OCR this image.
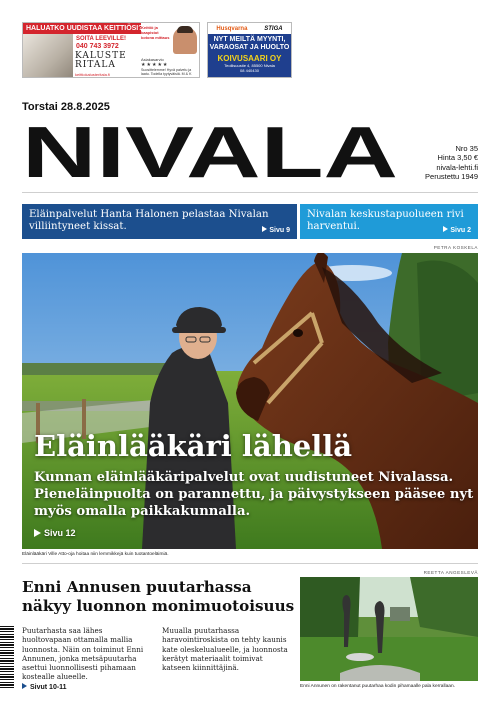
HALUATKO UUDISTAA KEITTIÖSI?
SOITA LEEVILLE!
040 743 3972
KALUSTE RITALA
keittiokalusteritala.fi
Keittiö ja kaapistot kotona mittaus
Asiakasarvio
★★★★★
Suosittelemme! Hyvä palvelu ja laatu. Todella tyytyväisiä. M & K
Husqvarna	STIGA
NYT MEILTÄ MYYNTI,
VARAOSAT JA HUOLTO
KOIVUSAARI OY
Teollisuustie 4, 85500 Nivala
08 440430
Torstai 28.8.2025
NIVALA	Nro 35
Hinta 3,50 €
nivala-lehti.fi
Perustettu 1949
Eläinpalvelut Hanta Halonen pelastaa Nivalan villiintyneet kissat.	Sivu 9
Nivalan keskustapuolueen rivi harventui.	Sivu 2
PETRA KOSKELA
Eläinlääkäri lähellä
Kunnan eläinlääkäripalvelut ovat uudistuneet Nivalassa. Pieneläinpuolta on parannettu, ja päivystykseen pääsee nyt myös omalla paikkakunnalla.
Sivu 12
Eläinlääkäri Ville Atto-oja hoitaa niin lemmikkejä kuin tuotantoeläimiä.
REETTA ANGESLEVÄ
Enni Annusen puutarhassa näkyy luonnon monimuotoisuus
Puutarhasta saa lähes huoltovapaan ottamalla mallia luonnosta. Näin on toiminut Enni Annunen, jonka metsäpuutarha asettui luonnollisesti pihamaan kostealle alueelle.
Muualla puutarhassa haravointiroskista on tehty kaunis kate oleskelualueelle, ja luonnosta kerätyt materiaalit toimivat katseen kiinnittäjinä.
Sivut 10-11	Enni Annunen on rakentanut puutarhaa kodin pihamaalle pala kerrallaan.
